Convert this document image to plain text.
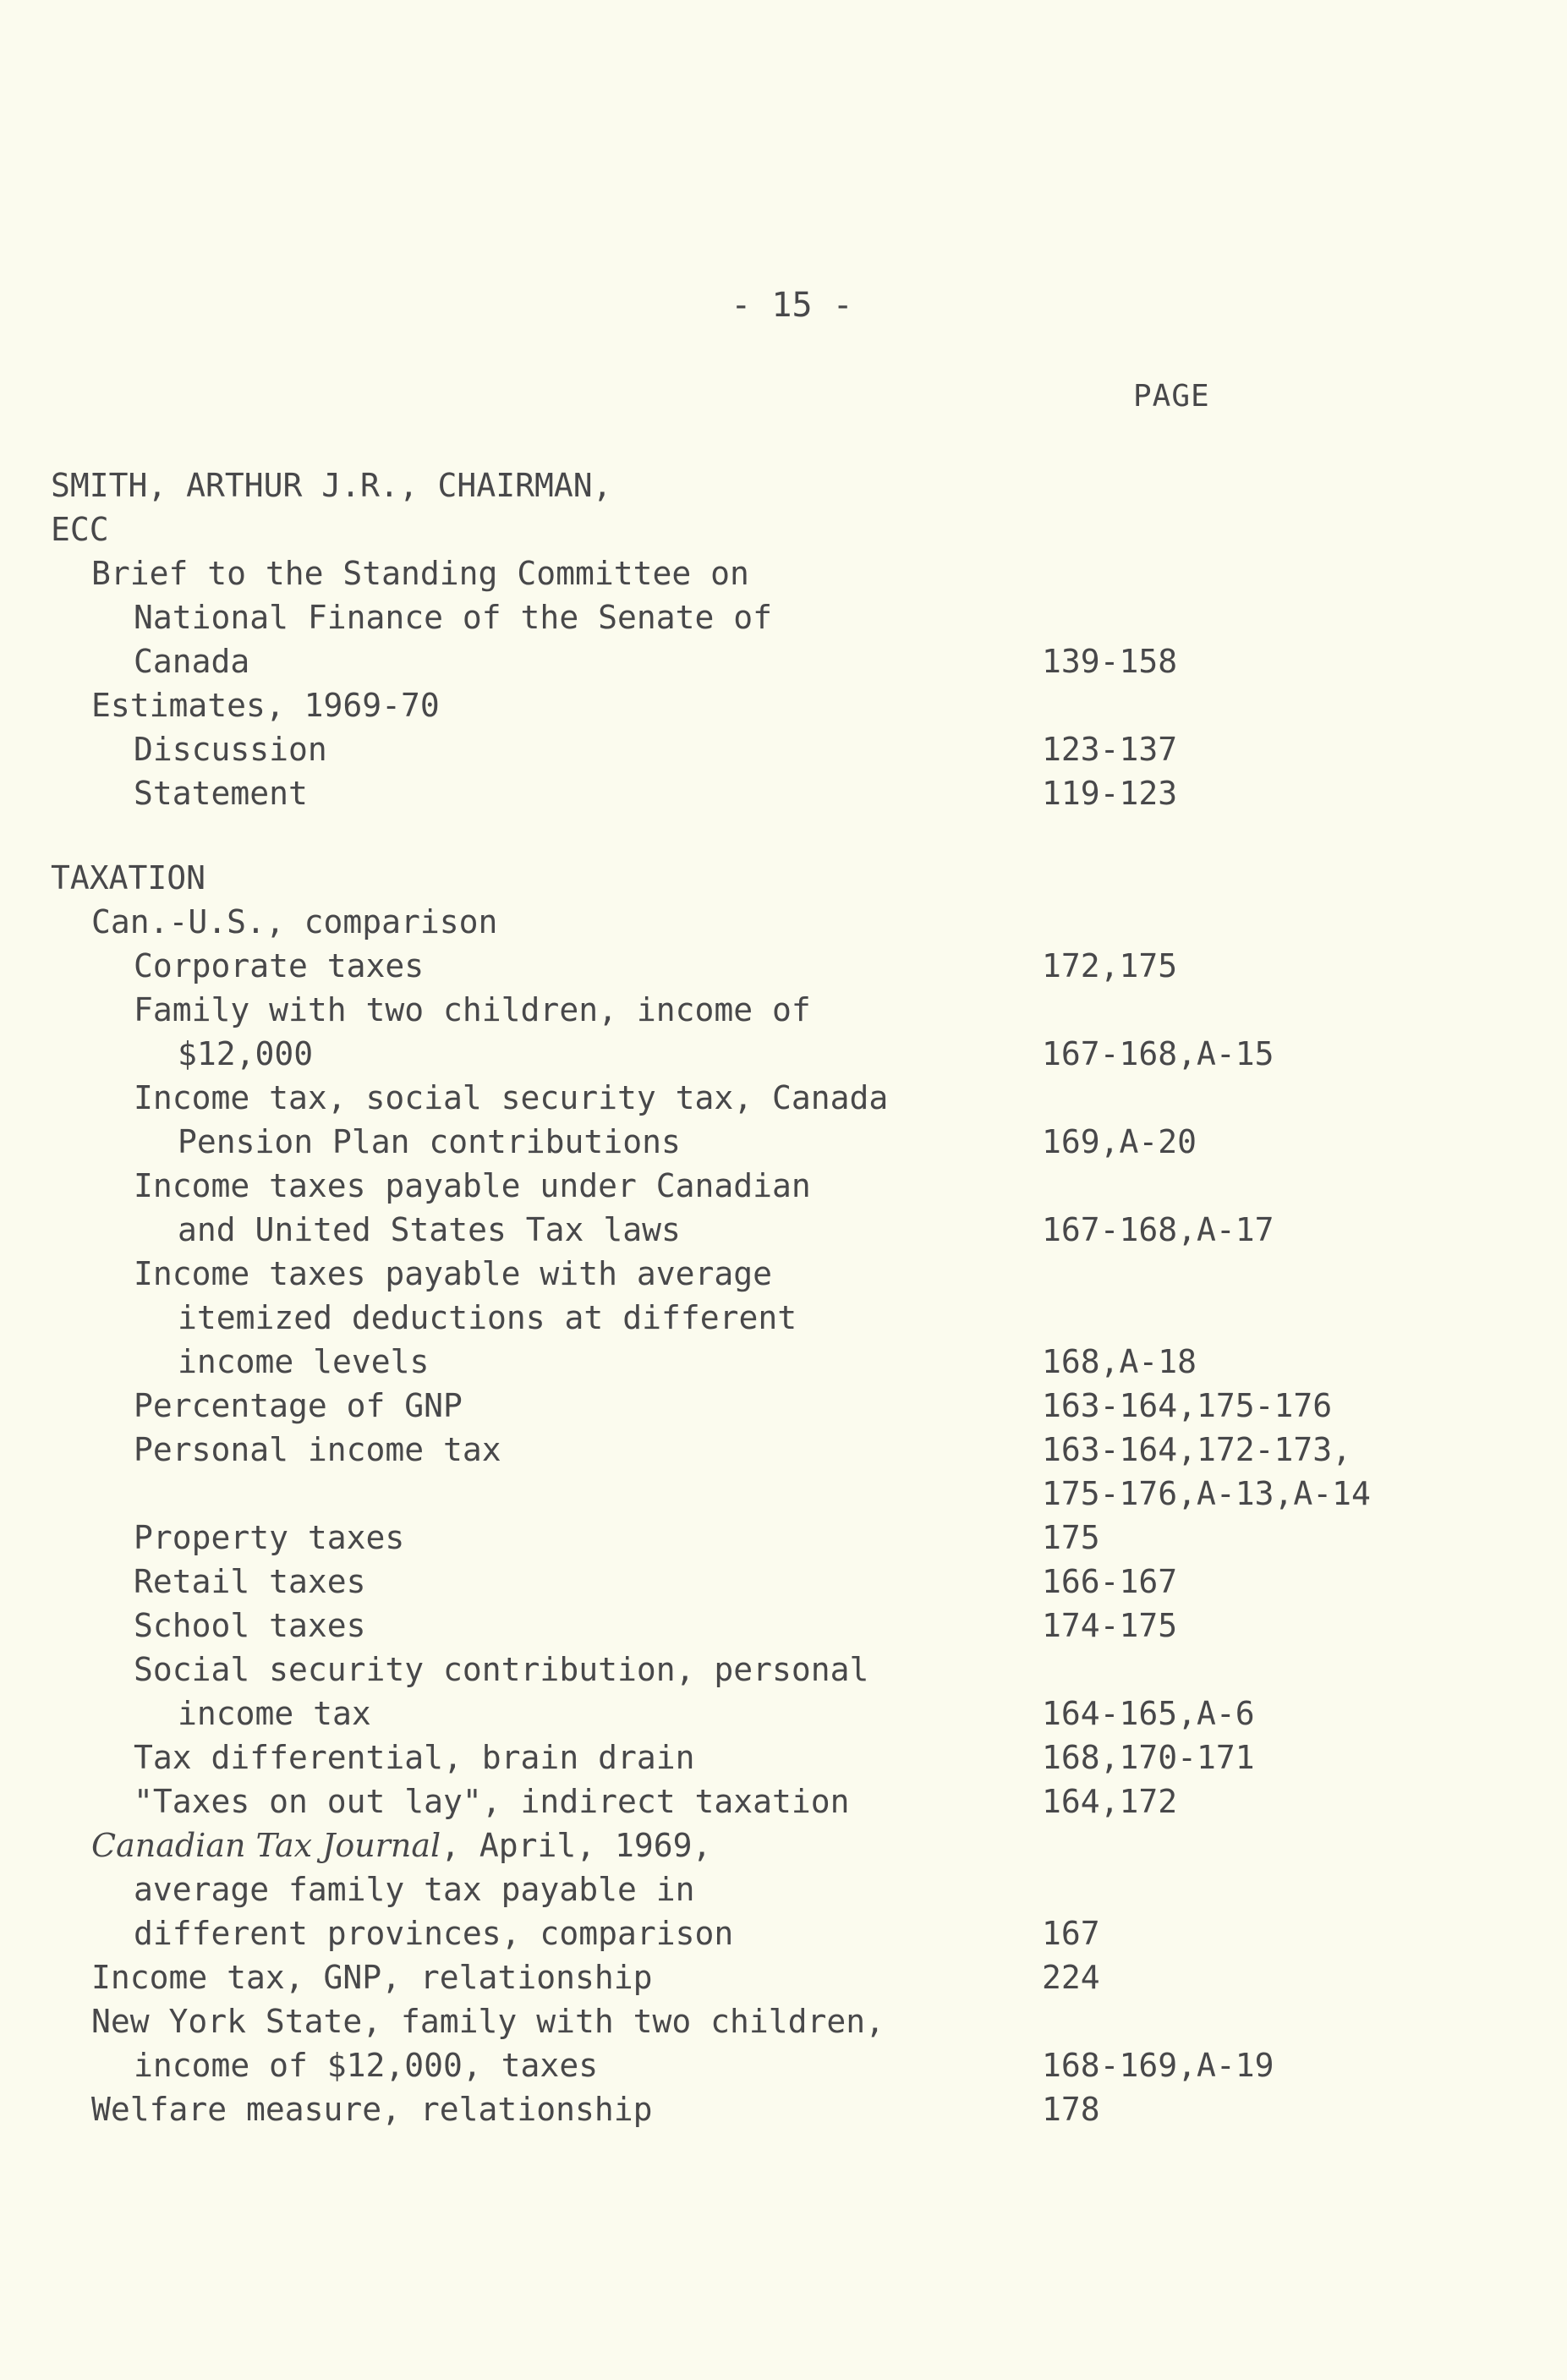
- 15 -
PAGE
SMITH, ARTHUR J.R., CHAIRMAN,
ECC
Brief to the Standing Committee on
National Finance of the Senate of
Canada	139-158
Estimates, 1969-70
Discussion	123-137
Statement	119-123
TAXATION
Can.-U.S., comparison
Corporate taxes	172,175
Family with two children, income of
$12,000	167-168,A-15
Income tax, social security tax, Canada
Pension Plan contributions	169,A-20
Income taxes payable under Canadian
and United States Tax laws	167-168,A-17
Income taxes payable with average
itemized deductions at different
income levels	168,A-18
Percentage of GNP	163-164,175-176
Personal income tax	163-164,172-173,
175-176,A-13,A-14
Property taxes	175
Retail taxes	166-167
School taxes	174-175
Social security contribution, personal
income tax	164-165,A-6
Tax differential, brain drain	168,170-171
"Taxes on out lay", indirect taxation	164,172
Canadian Tax Journal, April, 1969,
average family tax payable in
different provinces, comparison	167
Income tax, GNP, relationship	224
New York State, family with two children,
income of $12,000, taxes	168-169,A-19
Welfare measure, relationship	178
